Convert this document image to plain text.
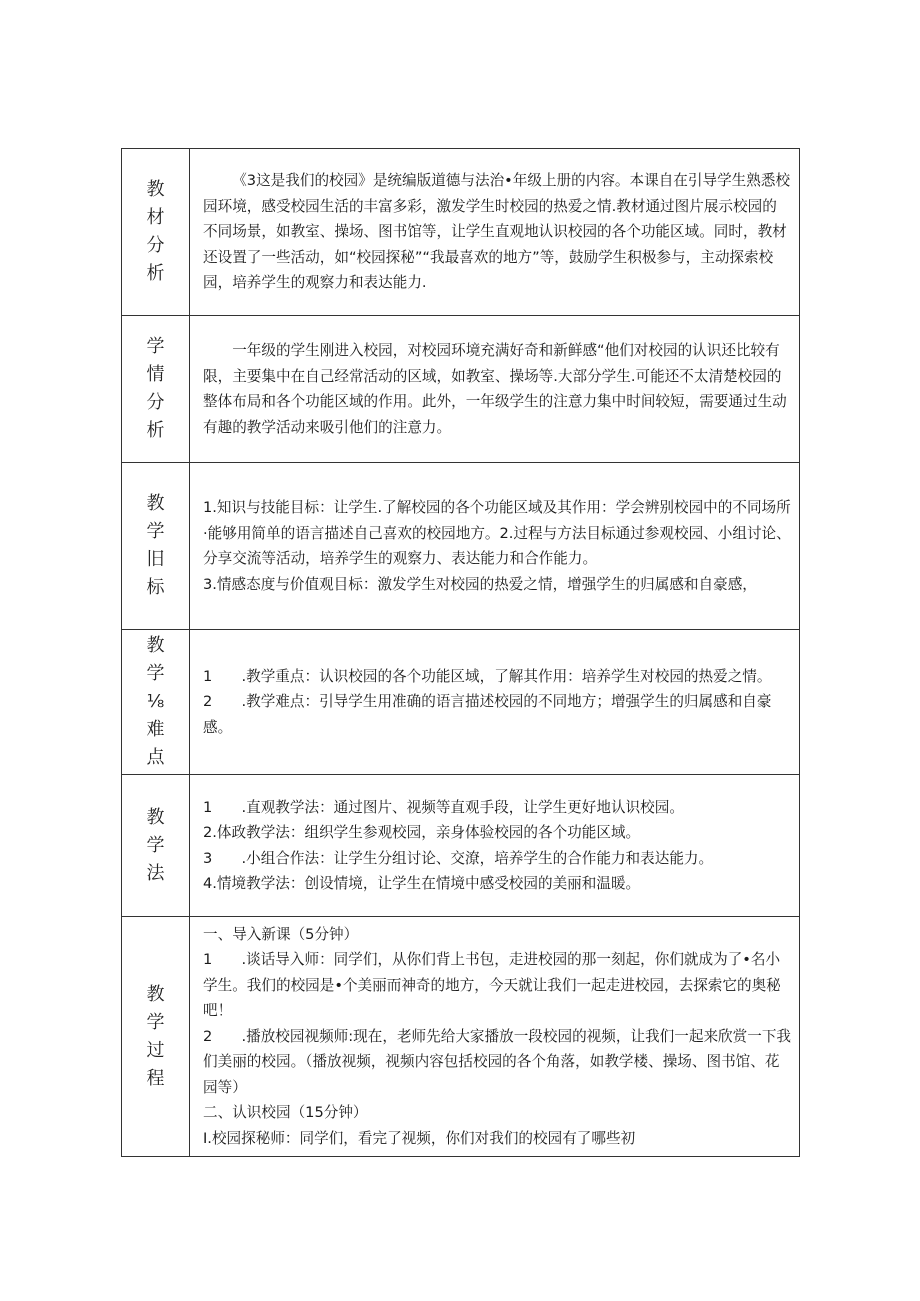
教材分析	《3这是我们的校园》是统编版道德与法治•年级上册的内容。本课自在引导学生熟悉校园环境，感受校园生活的丰富多彩，激发学生时校园的热爱之情.教材通过图片展示校园的不同场景，如教室、操场、图书馆等，让学生直观地认识校园的各个功能区域。同时，教材还设置了一些活动，如“校园探秘”“我最喜欢的地方”等，鼓励学生积极参与，主动探索校园，培养学生的观察力和表达能力.

学情分析	一年级的学生刚进入校园，对校园环境充满好奇和新鲜感“他们对校园的认识还比较有限，主要集中在自己经常活动的区域，如教室、操场等.大部分学生.可能还不太清楚校园的整体布局和各个功能区域的作用。此外，一年级学生的注意力集中时间较短，需要通过生动有趣的教学活动来吸引他们的注意力。

教学旧标	1.知识与技能目标：让学生.了解校园的各个功能区域及其作用：学会辨别校园中的不同场所·能够用简单的语言描述自己喜欢的校园地方。2.过程与方法目标通过参观校园、小组讨论、分享交流等活动，培养学生的观察力、表达能力和合作能力。

3.情感态度与价值观目标：激发学生对校园的热爱之情，增强学生的归属感和自豪感，

教学⅛难点	1　　.教学重点：认识校园的各个功能区域，了解其作用：培养学生对校园的热爱之情。

2　　.教学难点：引导学生用准确的语言描述校园的不同地方；增强学生的归属感和自豪感。

教学法	1　　.直观教学法：通过图片、视频等直观手段，让学生更好地认识校园。

2.体政教学法：组织学生参观校园，亲身体验校园的各个功能区域。

3　　.小组合作法：让学生分组讨论、交潦，培养学生的合作能力和表达能力。

4.情境教学法：创设情境，让学生在情境中感受校园的美丽和温暖。

教学过程	一、导入新课（5分钟）

1　　.谈话导入师：同学们，从你们背上书包，走进校园的那一刻起，你们就成为了•名小学生。我们的校园是•个美丽而神奇的地方，今天就让我们一起走进校园，去探索它的奥秘吧！

2　　.播放校园视频师:现在，老师先给大家播放一段校园的视频，让我们一起来欣赏一下我们美丽的校园。（播放视频，视频内容包括校园的各个角落，如教学楼、操场、图书馆、花园等）

二、认识校园（15分钟）

I.校园探秘师：同学们，看完了视频，你们对我们的校园有了哪些初
